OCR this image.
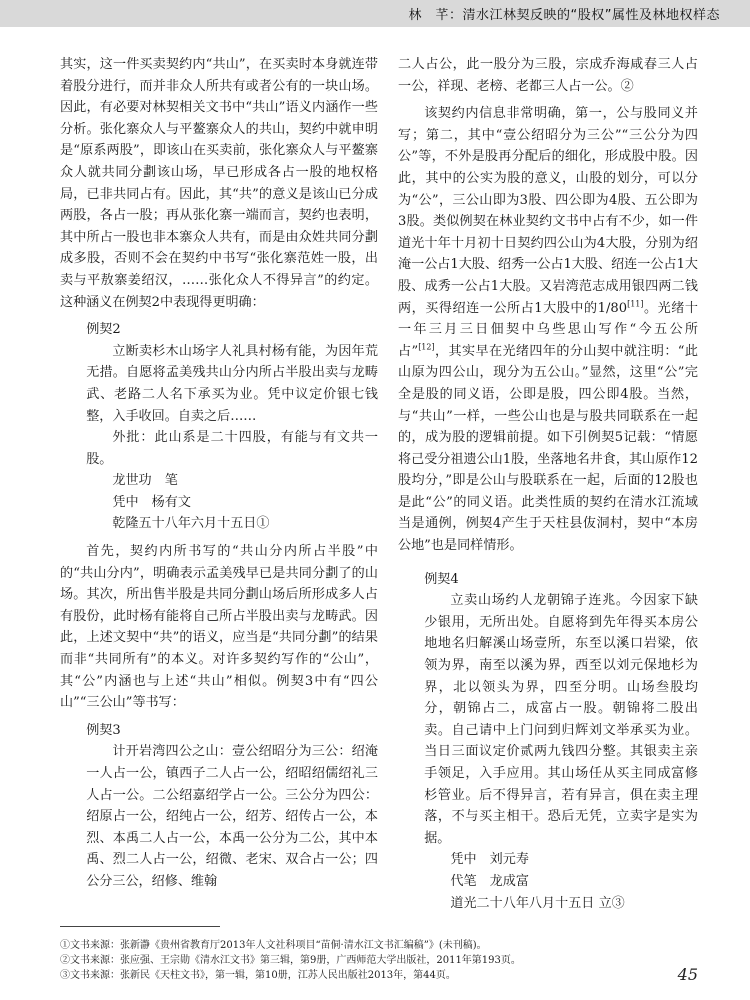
林　芊：清水江林契反映的“股权”属性及林地权样态

其实，这一件买卖契约内“共山”，在买卖时本身就连带着股分进行，而并非众人所共有或者公有的一块山场。因此，有必要对林契相关文书中“共山”语义内涵作一些分析。张化寨众人与平鳌寨众人的共山，契约中就申明是“原系两股”，即该山在买卖前，张化寨众人与平鳌寨众人就共同分劃该山场，早已形成各占一股的地权格局，已非共同占有。因此，其“共”的意义是该山已分成两股，各占一股；再从张化寨一端而言，契约也表明，其中所占一股也非本寨众人共有，而是由众姓共同分劃成多股，否则不会在契约中书写“张化寨范姓一股，出卖与平敖寨姜绍汉，……张化众人不得异言”的约定。这种涵义在例契2中表现得更明确：

例契2

立断卖杉木山场字人礼具村杨有能，为因年荒无措。自愿将孟美残共山分内所占半股出卖与龙畴武、老路二人名下承买为业。凭中议定价银七钱整，入手收回。自卖之后……

外批：此山系是二十四股，有能与有文共一股。

龙世功　笔

凭中　杨有文

乾隆五十八年六月十五日①

首先，契约内所书写的“共山分内所占半股”中的“共山分内”，明确表示孟美残早已是共同分劃了的山场。其次，所出售半股是共同分劃山场后所形成多人占有股份，此时杨有能将自己所占半股出卖与龙畴武。因此，上述文契中“共”的语义，应当是“共同分劃”的结果而非“共同所有”的本义。对许多契约写作的“公山”，其“公”内涵也与上述“共山”相似。例契3中有“四公山”“三公山”等书写：

例契3

计开岩湾四公之山：壹公绍昭分为三公：绍淹一人占一公，镇西子二人占一公，绍昭绍儒绍礼三人占一公。二公绍嘉绍学占一公。三公分为四公：绍原占一公，绍纯占一公，绍芳、绍传占一公，本烈、本禹二人占一公，本禹一公分为二公，其中本禹、烈二人占一公，绍微、老宋、双合占一公；四公分三公，绍修、维翰

二人占公，此一股分为三股，宗成乔海咸春三人占一公，祥现、老榜、老都三人占一公。②

该契约内信息非常明确，第一，公与股同义并写；第二，其中“壹公绍昭分为三公”“三公分为四公”等，不外是股再分配后的细化，形成股中股。因此，其中的公实为股的意义，山股的划分，可以分为“公”，三公山即为3股、四公即为4股、五公即为3股。类似例契在林业契约文书中占有不少，如一件道光十年十月初十日契约四公山为4大股，分别为绍淹一公占1大股、绍秀一公占1大股、绍连一公占1大股、成秀一公占1大股。又岩湾范志成用银四两二钱两，买得绍连一公所占1大股中的1/80[11]。光绪十一年三月三日佃契中乌些思山写作“今五公所占”[12]，其实早在光绪四年的分山契中就注明：“此山原为四公山，现分为五公山。”显然，这里“公”完全是股的同义语，公即是股，四公即4股。当然，与“共山”一样，一些公山也是与股共同联系在一起的，成为股的逻辑前提。如下引例契5记载：“情愿将己受分祖遗公山1股，坐落地名井食，其山原作12股均分，”即是公山与股联系在一起，后面的12股也是此“公”的同义语。此类性质的契约在清水江流域当是通例，例契4产生于天柱县伖洞村，契中“本房公地”也是同样情形。

例契4

立卖山场约人龙朝锦子连兆。今因家下缺少银用，无所出处。自愿将到先年得买本房公地地名归解溪山场壹所，东至以溪口岩梁，依领为界，南至以溪为界，西至以刘元保地杉为界，北以领头为界，四至分明。山场叁股均分，朝锦占二，成富占一股。朝锦将二股出卖。自己请中上门问到归辉刘文举承买为业。当日三面议定价贰两九钱四分整。其银卖主亲手领足，入手应用。其山场任从买主同成富修杉管业。后不得异言，若有异言，俱在卖主理落，不与买主相干。恐后无凭，立卖字是实为据。

凭中　刘元寿

代笔　龙成富

道光二十八年八月十五日 立③

①文书来源：张新瀞《贵州省教育厅2013年人文社科项目“苗侗·清水江文书汇编稿”》(未刊稿)。

②文书来源：张应强、王宗勋《清水江文书》第三辑，第9册，广西师范大学出版社，2011年第193页。

③文书来源：张新民《天柱文书》，第一辑，第10册，江苏人民出版社2013年，第44页。	45
